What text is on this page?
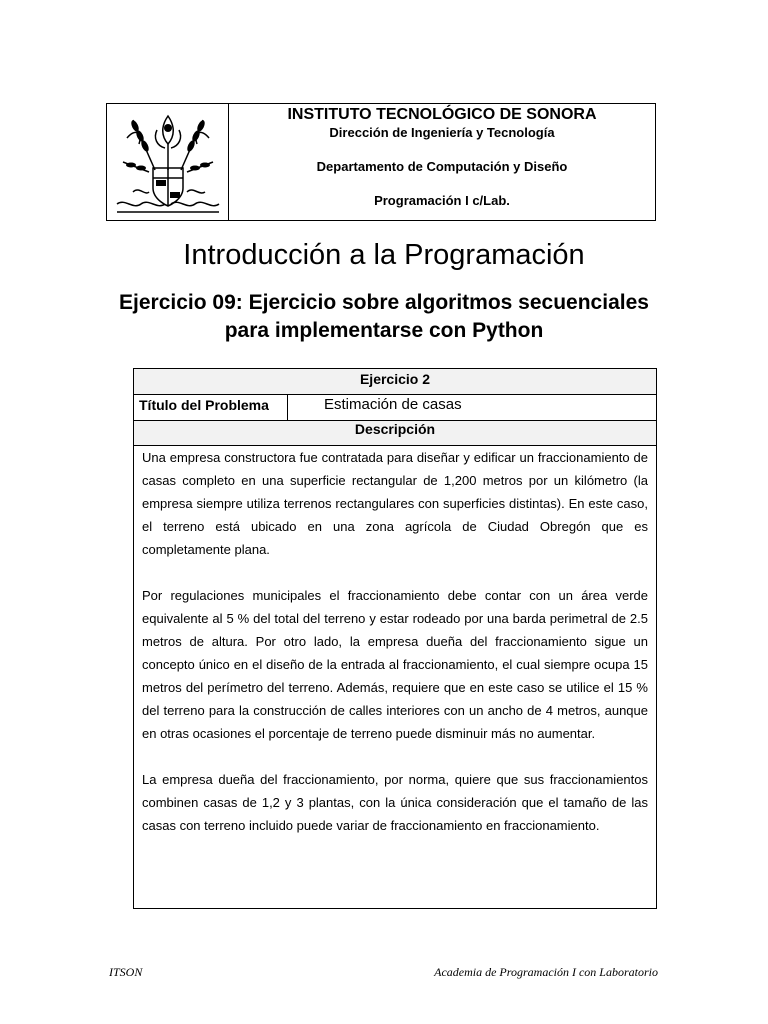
INSTITUTO TECNOLÓGICO DE SONORA
Dirección de Ingeniería y Tecnología
Departamento de Computación y Diseño
Programación I c/Lab.
Introducción a la Programación
Ejercicio 09: Ejercicio sobre algoritmos secuenciales para implementarse con Python
Ejercicio 2
Título del Problema	Estimación de casas
Descripción

Una empresa constructora fue contratada para diseñar y edificar un fraccionamiento de casas completo en una superficie rectangular de 1,200 metros por un kilómetro (la empresa siempre utiliza terrenos rectangulares con superficies distintas). En este caso, el terreno está ubicado en una zona agrícola de Ciudad Obregón que es completamente plana.

Por regulaciones municipales el fraccionamiento debe contar con un área verde equivalente al 5 % del total del terreno y estar rodeado por una barda perimetral de 2.5 metros de altura. Por otro lado, la empresa dueña del fraccionamiento sigue un concepto único en el diseño de la entrada al fraccionamiento, el cual siempre ocupa 15 metros del perímetro del terreno. Además, requiere que en este caso se utilice el 15 % del terreno para la construcción de calles interiores con un ancho de 4 metros, aunque en otras ocasiones el porcentaje de terreno puede disminuir más no aumentar.

La empresa dueña del fraccionamiento, por norma, quiere que sus fraccionamientos combinen casas de 1,2 y 3 plantas, con la única consideración que el tamaño de las casas con terreno incluido puede variar de fraccionamiento en fraccionamiento.

ITSON	Academia de Programación I con Laboratorio
